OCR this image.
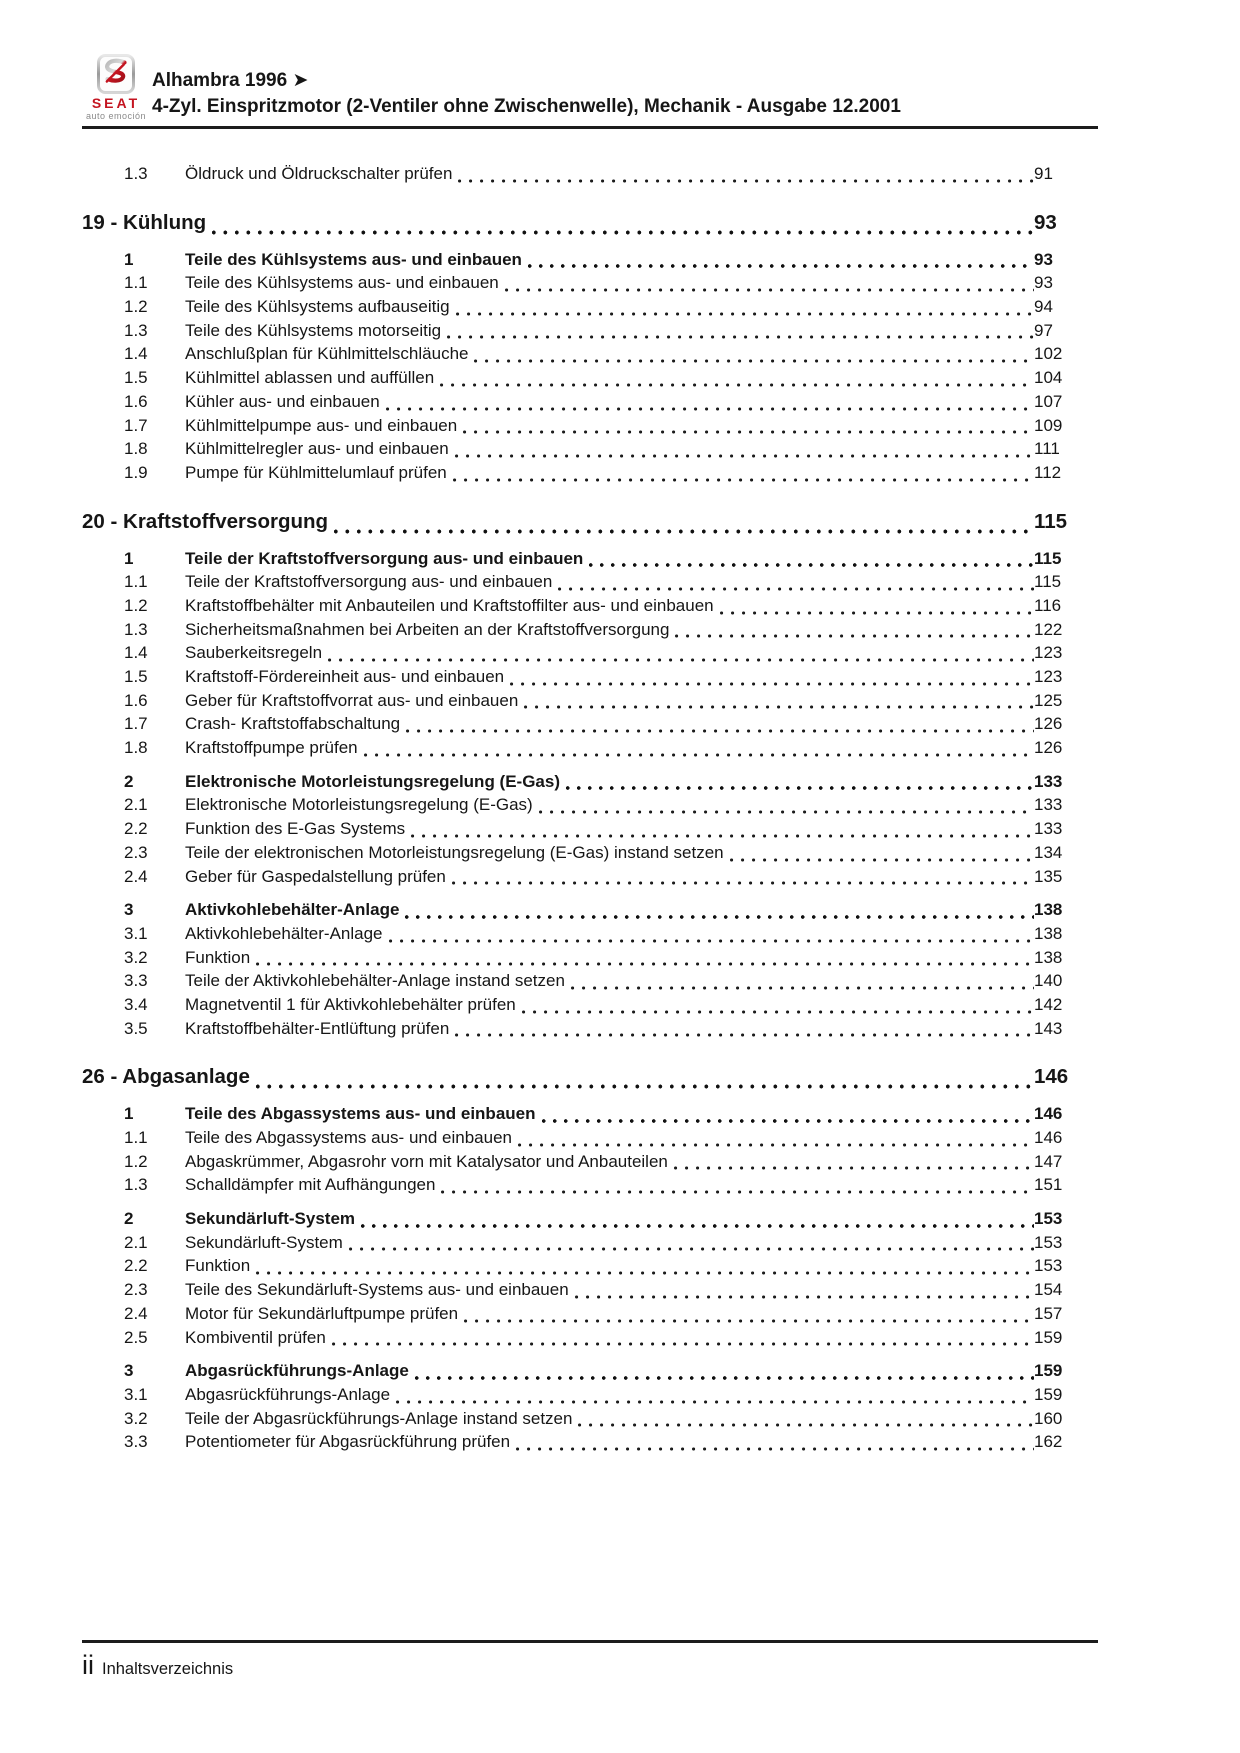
SEAT
auto emoción
Alhambra 1996 ➤
4-Zyl. Einspritzmotor (2-Ventiler ohne Zwischenwelle), Mechanik - Ausgabe 12.2001
1.3	Öldruck und Öldruckschalter prüfen	91
19 - Kühlung	93
1	Teile des Kühlsystems aus- und einbauen	93
1.1	Teile des Kühlsystems aus- und einbauen	93
1.2	Teile des Kühlsystems aufbauseitig	94
1.3	Teile des Kühlsystems motorseitig	97
1.4	Anschlußplan für Kühlmittelschläuche	102
1.5	Kühlmittel ablassen und auffüllen	104
1.6	Kühler aus- und einbauen	107
1.7	Kühlmittelpumpe aus- und einbauen	109
1.8	Kühlmittelregler aus- und einbauen	111
1.9	Pumpe für Kühlmittelumlauf prüfen	112
20 - Kraftstoffversorgung	115
1	Teile der Kraftstoffversorgung aus- und einbauen	115
1.1	Teile der Kraftstoffversorgung aus- und einbauen	115
1.2	Kraftstoffbehälter mit Anbauteilen und Kraftstoffilter aus- und einbauen	116
1.3	Sicherheitsmaßnahmen bei Arbeiten an der Kraftstoffversorgung	122
1.4	Sauberkeitsregeln	123
1.5	Kraftstoff-Fördereinheit aus- und einbauen	123
1.6	Geber für Kraftstoffvorrat aus- und einbauen	125
1.7	Crash- Kraftstoffabschaltung	126
1.8	Kraftstoffpumpe prüfen	126
2	Elektronische Motorleistungsregelung (E-Gas)	133
2.1	Elektronische Motorleistungsregelung (E-Gas)	133
2.2	Funktion des E-Gas Systems	133
2.3	Teile der elektronischen Motorleistungsregelung (E-Gas) instand setzen	134
2.4	Geber für Gaspedalstellung prüfen	135
3	Aktivkohlebehälter-Anlage	138
3.1	Aktivkohlebehälter-Anlage	138
3.2	Funktion	138
3.3	Teile der Aktivkohlebehälter-Anlage instand setzen	140
3.4	Magnetventil 1 für Aktivkohlebehälter prüfen	142
3.5	Kraftstoffbehälter-Entlüftung prüfen	143
26 - Abgasanlage	146
1	Teile des Abgassystems aus- und einbauen	146
1.1	Teile des Abgassystems aus- und einbauen	146
1.2	Abgaskrümmer, Abgasrohr vorn mit Katalysator und Anbauteilen	147
1.3	Schalldämpfer mit Aufhängungen	151
2	Sekundärluft-System	153
2.1	Sekundärluft-System	153
2.2	Funktion	153
2.3	Teile des Sekundärluft-Systems aus- und einbauen	154
2.4	Motor für Sekundärluftpumpe prüfen	157
2.5	Kombiventil prüfen	159
3	Abgasrückführungs-Anlage	159
3.1	Abgasrückführungs-Anlage	159
3.2	Teile der Abgasrückführungs-Anlage instand setzen	160
3.3	Potentiometer für Abgasrückführung prüfen	162
ii Inhaltsverzeichnis
